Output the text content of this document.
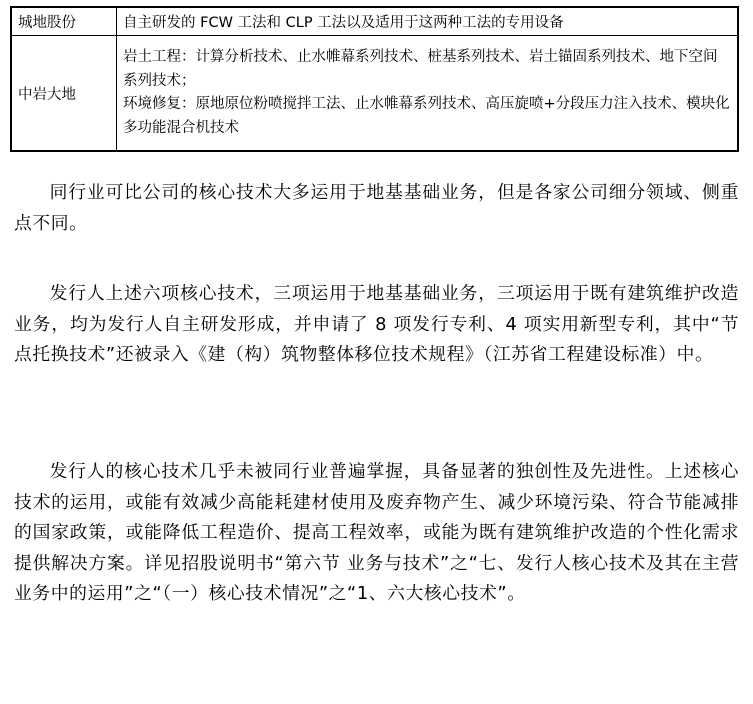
城地股份	自主研发的 FCW 工法和 CLP 工法以及适用于这两种工法的专用设备
中岩大地	岩土工程：计算分析技术、止水帷幕系列技术、桩基系列技术、岩土锚固系列技术、地下空间系列技术；
环境修复：原地原位粉喷搅拌工法、止水帷幕系列技术、高压旋喷+分段压力注入技术、模块化多功能混合机技术

同行业可比公司的核心技术大多运用于地基基础业务，但是各家公司细分领域、侧重点不同。

发行人上述六项核心技术，三项运用于地基基础业务，三项运用于既有建筑维护改造业务，均为发行人自主研发形成，并申请了 8 项发行专利、4 项实用新型专利，其中“节点托换技术”还被录入《建（构）筑物整体移位技术规程》（江苏省工程建设标准）中。

发行人的核心技术几乎未被同行业普遍掌握，具备显著的独创性及先进性。上述核心技术的运用，或能有效减少高能耗建材使用及废弃物产生、减少环境污染、符合节能减排的国家政策，或能降低工程造价、提高工程效率，或能为既有建筑维护改造的个性化需求提供解决方案。详见招股说明书“第六节 业务与技术”之“七、发行人核心技术及其在主营业务中的运用”之“（一）核心技术情况”之“1、六大核心技术”。
